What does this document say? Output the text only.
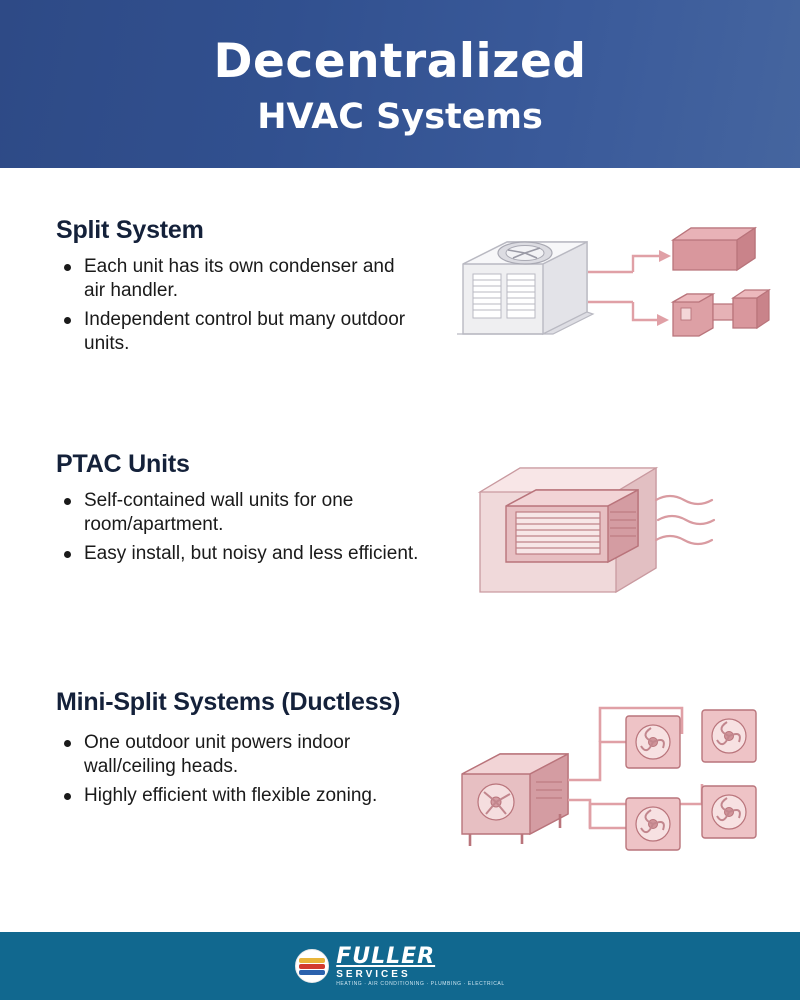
Decentralized
HVAC Systems
Split System
Each unit has its own condenser and air handler.
Independent control but many outdoor units.
PTAC Units
Self-contained wall units for one room/apartment.
Easy install, but noisy and less efficient.
Mini-Split Systems (Ductless)
One outdoor unit powers indoor wall/ceiling heads.
Highly efficient with flexible zoning.
FULLER
SERVICES
HEATING · AIR CONDITIONING · PLUMBING · ELECTRICAL
